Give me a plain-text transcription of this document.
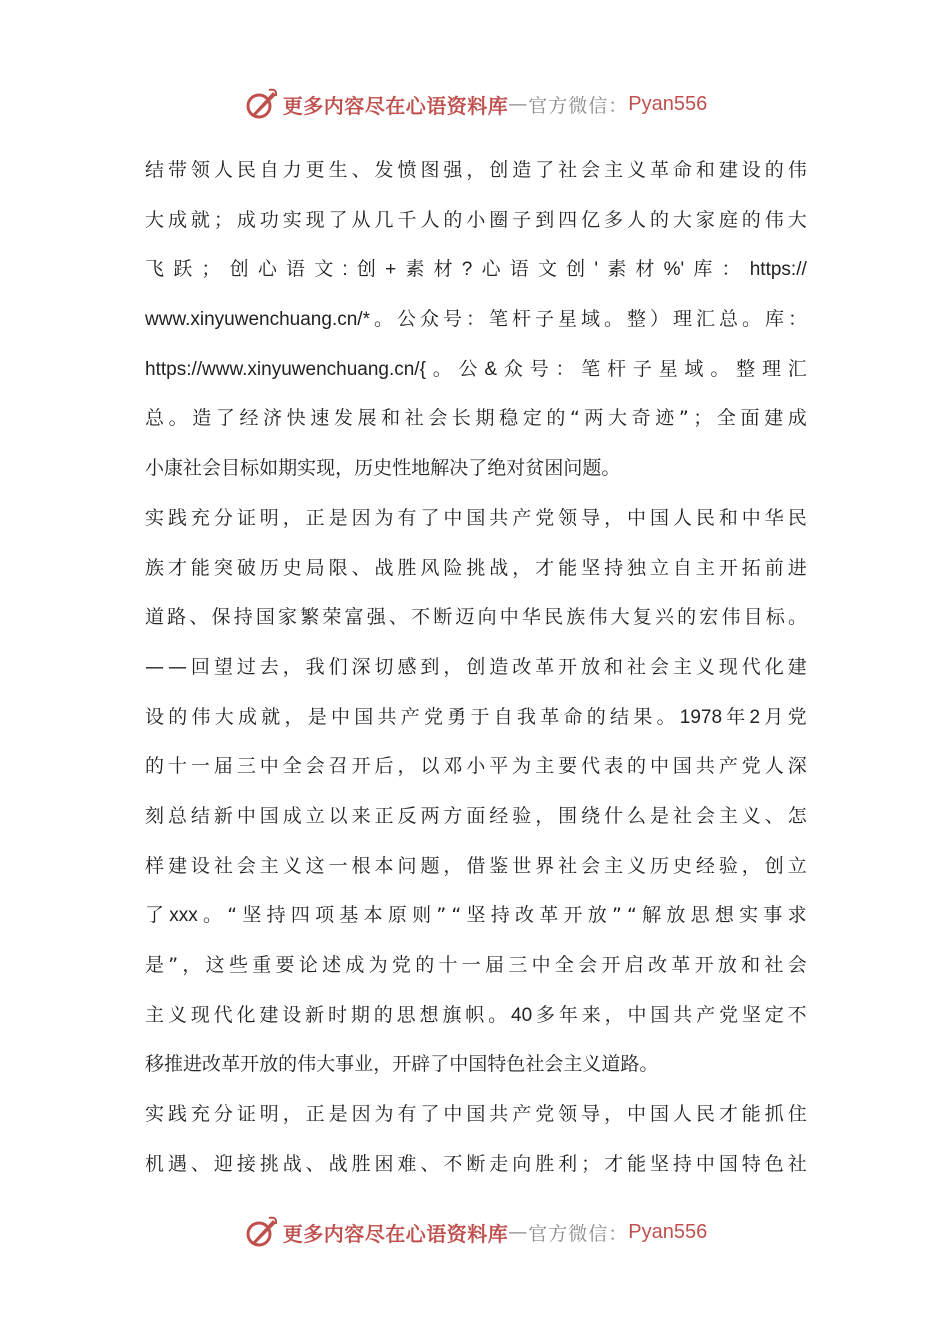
更多内容尽在心语资料库 — 官方微信： Pyan556
结 带 领 人 民 自 力 更 生 、 发 愤 图 强 ， 创 造 了 社 会 主 义 革 命 和 建 设 的 伟
大 成 就 ； 成 功 实 现 了 从 几 千 人 的 小 圈 子 到 四 亿 多 人 的 大 家 庭 的 伟 大
飞 跃 ； 创 心 语 文 : 创 + 素 材 ? 心 语 文 创 ' 素 材 %' 库 ： https://
www.xinyuwenchuang.cn/* 。 公 众 号 ： 笔 杆 子 星 域 。 整 ） 理 汇 总 。 库 ：
https://www.xinyuwenchuang.cn/{ 。 公 & 众 号 ： 笔 杆 子 星 域 。 整 理 汇
总 。 造 了 经 济 快 速 发 展 和 社 会 长 期 稳 定 的 “ 两 大 奇 迹 ” ； 全 面 建 成
小 康 社 会 目 标 如 期 实 现 ， 历 史 性 地 解 决 了 绝 对 贫 困 问 题 。
实 践 充 分 证 明 ， 正 是 因 为 有 了 中 国 共 产 党 领 导 ， 中 国 人 民 和 中 华 民
族 才 能 突 破 历 史 局 限 、 战 胜 风 险 挑 战 ， 才 能 坚 持 独 立 自 主 开 拓 前 进
道 路 、 保 持 国 家 繁 荣 富 强 、 不 断 迈 向 中 华 民 族 伟 大 复 兴 的 宏 伟 目 标 。
— — 回 望 过 去 ， 我 们 深 切 感 到 ， 创 造 改 革 开 放 和 社 会 主 义 现 代 化 建
设 的 伟 大 成 就 ， 是 中 国 共 产 党 勇 于 自 我 革 命 的 结 果 。 1978 年 2 月 党
的 十 一 届 三 中 全 会 召 开 后 ， 以 邓 小 平 为 主 要 代 表 的 中 国 共 产 党 人 深
刻 总 结 新 中 国 成 立 以 来 正 反 两 方 面 经 验 ， 围 绕 什 么 是 社 会 主 义 、 怎
样 建 设 社 会 主 义 这 一 根 本 问 题 ， 借 鉴 世 界 社 会 主 义 历 史 经 验 ， 创 立
了 xxx 。 “ 坚 持 四 项 基 本 原 则 ” “ 坚 持 改 革 开 放 ” “ 解 放 思 想 实 事 求
是 ” ， 这 些 重 要 论 述 成 为 党 的 十 一 届 三 中 全 会 开 启 改 革 开 放 和 社 会
主 义 现 代 化 建 设 新 时 期 的 思 想 旗 帜 。 40 多 年 来 ， 中 国 共 产 党 坚 定 不
移 推 进 改 革 开 放 的 伟 大 事 业 ， 开 辟 了 中 国 特 色 社 会 主 义 道 路 。
实 践 充 分 证 明 ， 正 是 因 为 有 了 中 国 共 产 党 领 导 ， 中 国 人 民 才 能 抓 住
机 遇 、 迎 接 挑 战 、 战 胜 困 难 、 不 断 走 向 胜 利 ； 才 能 坚 持 中 国 特 色 社
更多内容尽在心语资料库 — 官方微信： Pyan556
